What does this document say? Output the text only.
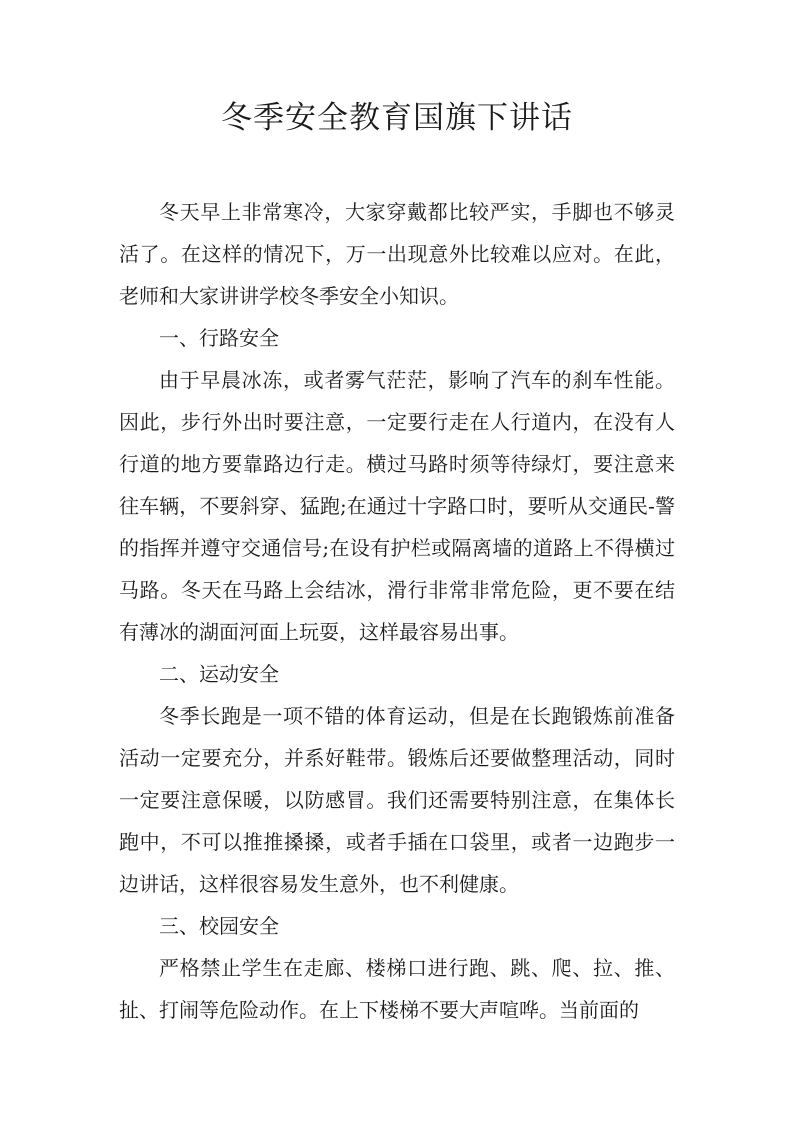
冬季安全教育国旗下讲话

冬天早上非常寒冷，大家穿戴都比较严实，手脚也不够灵活了。在这样的情况下，万一出现意外比较难以应对。在此，老师和大家讲讲学校冬季安全小知识。

一、行路安全

由于早晨冰冻，或者雾气茫茫，影响了汽车的刹车性能。因此，步行外出时要注意，一定要行走在人行道内，在没有人行道的地方要靠路边行走。横过马路时须等待绿灯，要注意来往车辆，不要斜穿、猛跑;在通过十字路口时，要听从交通民-警的指挥并遵守交通信号;在设有护栏或隔离墙的道路上不得横过马路。冬天在马路上会结冰，滑行非常非常危险，更不要在结有薄冰的湖面河面上玩耍，这样最容易出事。

二、运动安全

冬季长跑是一项不错的体育运动，但是在长跑锻炼前准备活动一定要充分，并系好鞋带。锻炼后还要做整理活动，同时一定要注意保暖，以防感冒。我们还需要特别注意，在集体长跑中，不可以推推搡搡，或者手插在口袋里，或者一边跑步一边讲话，这样很容易发生意外，也不利健康。

三、校园安全

严格禁止学生在走廊、楼梯口进行跑、跳、爬、拉、推、扯、打闹等危险动作。在上下楼梯不要大声喧哗。当前面的
